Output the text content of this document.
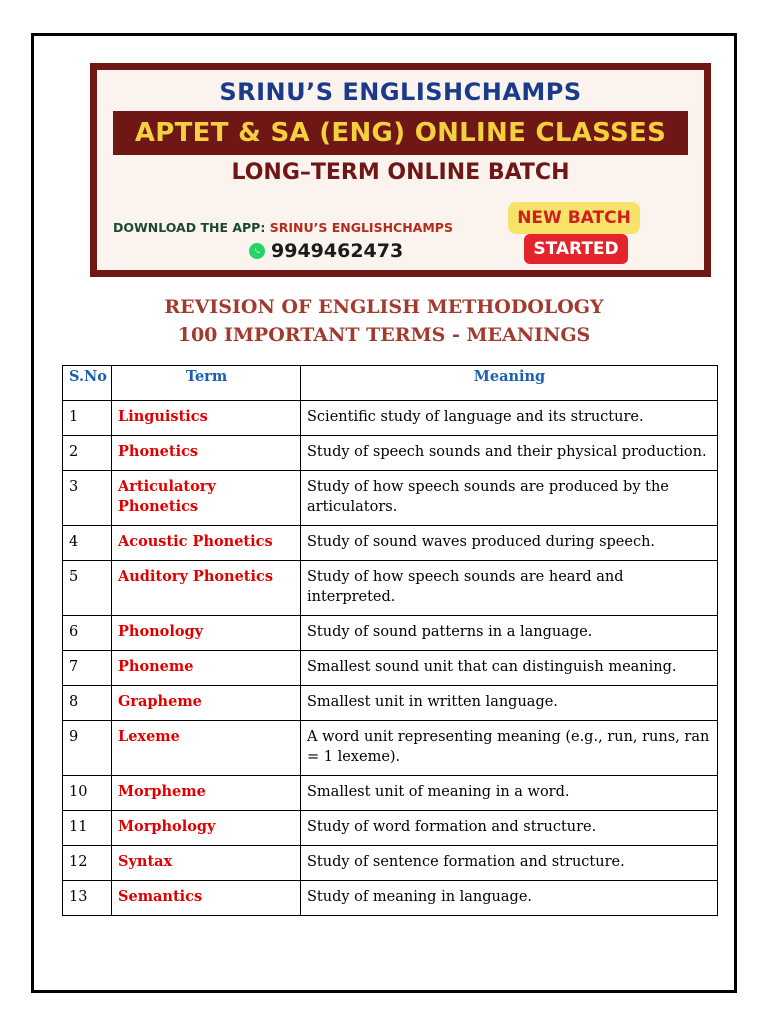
SRINU’S ENGLISHCHAMPS
APTET & SA (ENG) ONLINE CLASSES
LONG–TERM ONLINE BATCH
DOWNLOAD THE APP: SRINU’S ENGLISHCHAMPS
9949462473
NEW BATCH
STARTED
REVISION OF ENGLISH METHODOLOGY
100 IMPORTANT TERMS - MEANINGS
S.No	Term	Meaning
1	Linguistics	Scientific study of language and its structure.
2	Phonetics	Study of speech sounds and their physical production.
3	Articulatory Phonetics	Study of how speech sounds are produced by the articulators.
4	Acoustic Phonetics	Study of sound waves produced during speech.
5	Auditory Phonetics	Study of how speech sounds are heard and interpreted.
6	Phonology	Study of sound patterns in a language.
7	Phoneme	Smallest sound unit that can distinguish meaning.
8	Grapheme	Smallest unit in written language.
9	Lexeme	A word unit representing meaning (e.g., run, runs, ran = 1 lexeme).
10	Morpheme	Smallest unit of meaning in a word.
11	Morphology	Study of word formation and structure.
12	Syntax	Study of sentence formation and structure.
13	Semantics	Study of meaning in language.
